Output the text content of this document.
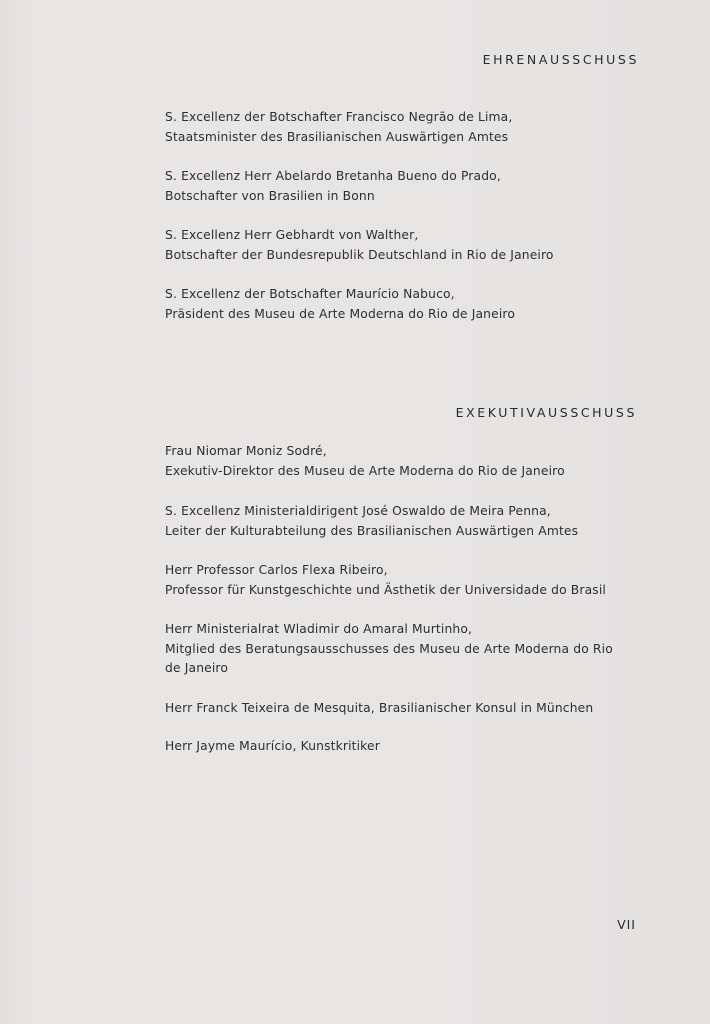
EHRENAUSSCHUSS
S. Excellenz der Botschafter Francisco Negrão de Lima,
Staatsminister des Brasilianischen Auswärtigen Amtes
S. Excellenz Herr Abelardo Bretanha Bueno do Prado,
Botschafter von Brasilien in Bonn
S. Excellenz Herr Gebhardt von Walther,
Botschafter der Bundesrepublik Deutschland in Rio de Janeiro
S. Excellenz der Botschafter Maurício Nabuco,
Präsident des Museu de Arte Moderna do Rio de Janeiro
EXEKUTIVAUSSCHUSS
Frau Niomar Moniz Sodré,
Exekutiv-Direktor des Museu de Arte Moderna do Rio de Janeiro
S. Excellenz Ministerialdirigent José Oswaldo de Meira Penna,
Leiter der Kulturabteilung des Brasilianischen Auswärtigen Amtes
Herr Professor Carlos Flexa Ribeiro,
Professor für Kunstgeschichte und Ästhetik der Universidade do Brasil
Herr Ministerialrat Wladimir do Amaral Murtinho,
Mitglied des Beratungsausschusses des Museu de Arte Moderna do Rio
de Janeiro
Herr Franck Teixeira de Mesquita, Brasilianischer Konsul in München
Herr Jayme Maurício, Kunstkritiker
VII
